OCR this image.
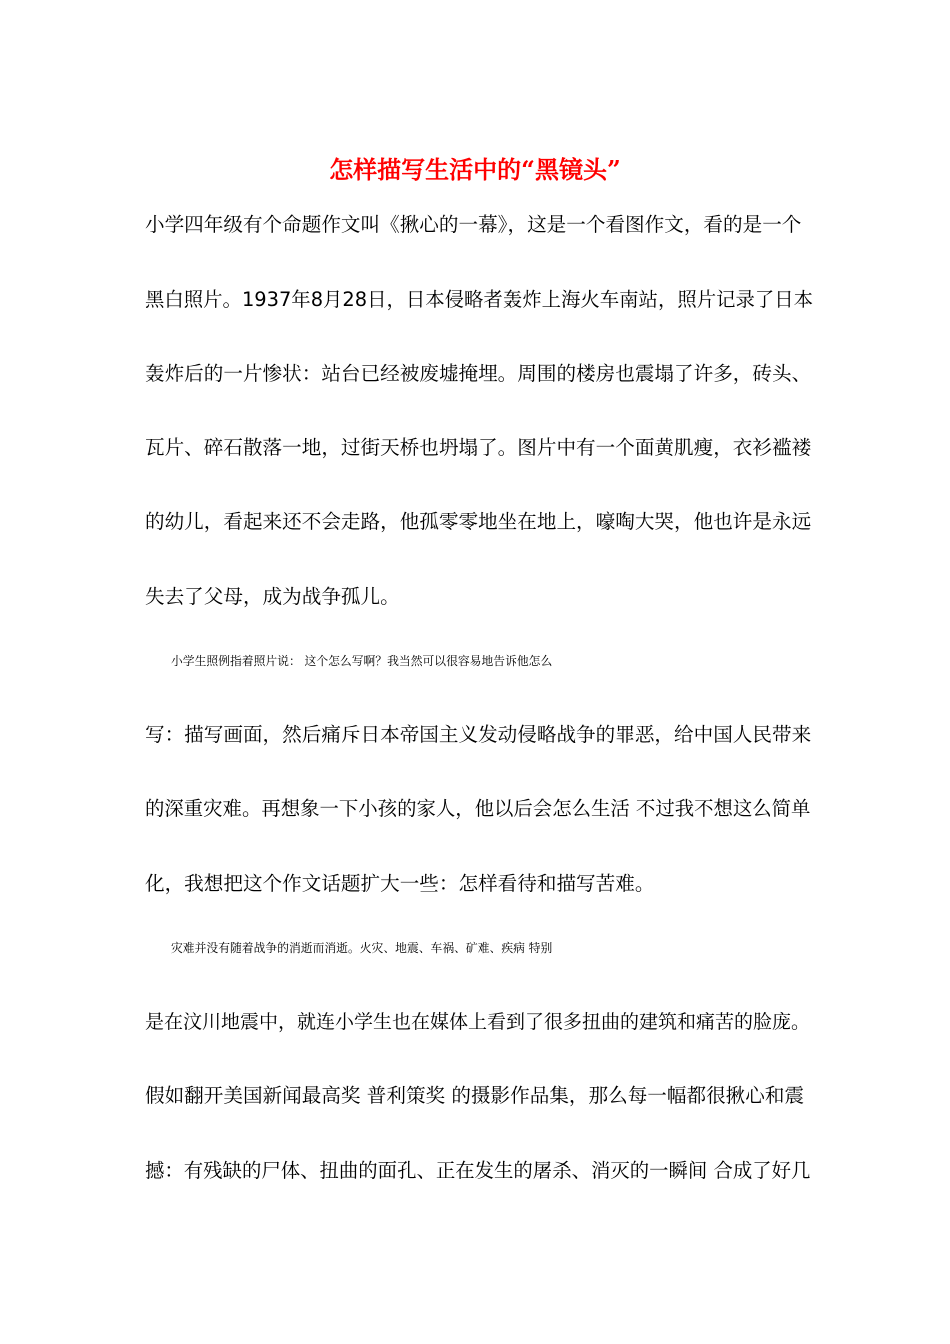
怎样描写生活中的“黑镜头”

小学四年级有个命题作文叫《揪心的一幕》，这是一个看图作文，看的是一个

黑白照片。1937年8月28日，日本侵略者轰炸上海火车南站，照片记录了日本

轰炸后的一片惨状：站台已经被废墟掩埋。周围的楼房也震塌了许多，砖头、

瓦片、碎石散落一地，过街天桥也坍塌了。图片中有一个面黄肌瘦，衣衫褴褛

的幼儿，看起来还不会走路，他孤零零地坐在地上，嚎啕大哭，他也许是永远

失去了父母，成为战争孤儿。

小学生照例指着照片说： 这个怎么写啊？我当然可以很容易地告诉他怎么

写：描写画面，然后痛斥日本帝国主义发动侵略战争的罪恶，给中国人民带来

的深重灾难。再想象一下小孩的家人，他以后会怎么生活 不过我不想这么简单

化，我想把这个作文话题扩大一些：怎样看待和描写苦难。

灾难并没有随着战争的消逝而消逝。火灾、地震、车祸、矿难、疾病 特别

是在汶川地震中，就连小学生也在媒体上看到了很多扭曲的建筑和痛苦的脸庞。

假如翻开美国新闻最高奖 普利策奖 的摄影作品集，那么每一幅都很揪心和震

撼：有残缺的尸体、扭曲的面孔、正在发生的屠杀、消灭的一瞬间 合成了好几
